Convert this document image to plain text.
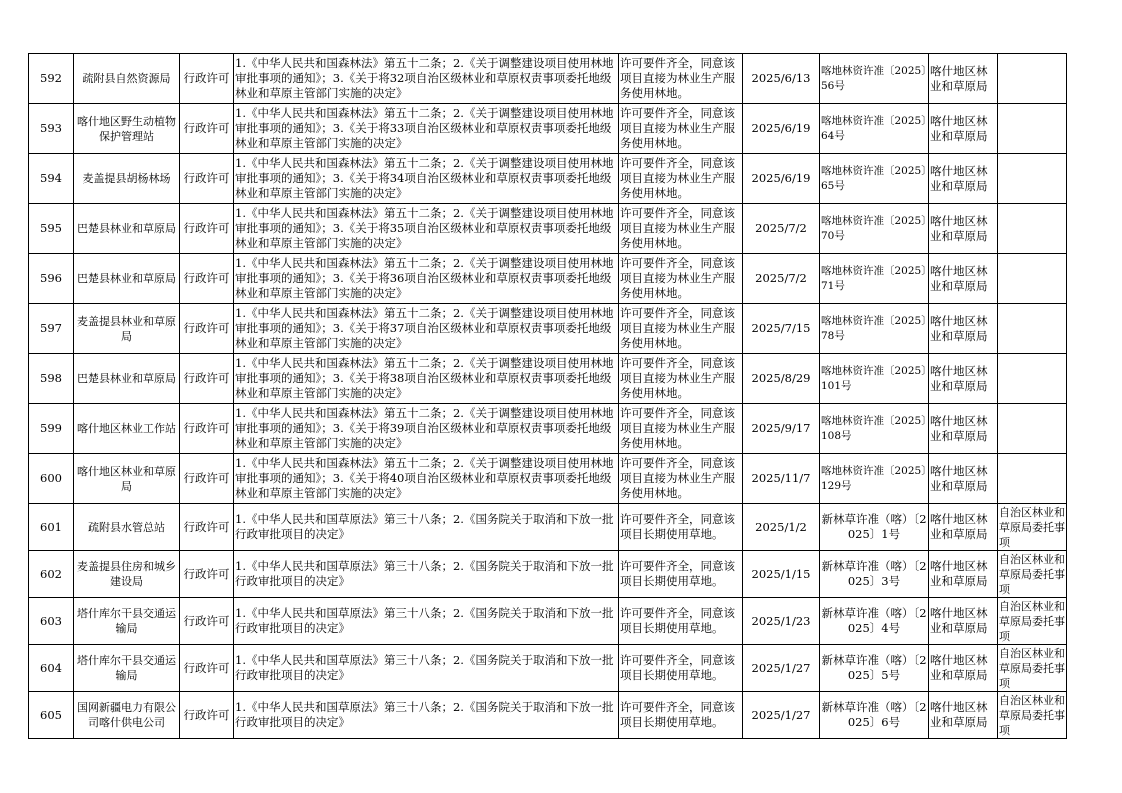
592	疏附县自然资源局	行政许可	1.《中华人民共和国森林法》第五十二条；2.《关于调整建设项目使用林地审批事项的通知》；3.《关于将32项自治区级林业和草原权责事项委托地级林业和草原主管部门实施的决定》	许可要件齐全，同意该项目直接为林业生产服务使用林地。	2025/6/13	喀地林资许准〔2025〕56号	喀什地区林业和草原局	
593	喀什地区野生动植物保护管理站	行政许可	1.《中华人民共和国森林法》第五十二条；2.《关于调整建设项目使用林地审批事项的通知》；3.《关于将33项自治区级林业和草原权责事项委托地级林业和草原主管部门实施的决定》	许可要件齐全，同意该项目直接为林业生产服务使用林地。	2025/6/19	喀地林资许准〔2025〕64号	喀什地区林业和草原局	
594	麦盖提县胡杨林场	行政许可	1.《中华人民共和国森林法》第五十二条；2.《关于调整建设项目使用林地审批事项的通知》；3.《关于将34项自治区级林业和草原权责事项委托地级林业和草原主管部门实施的决定》	许可要件齐全，同意该项目直接为林业生产服务使用林地。	2025/6/19	喀地林资许准〔2025〕65号	喀什地区林业和草原局	
595	巴楚县林业和草原局	行政许可	1.《中华人民共和国森林法》第五十二条；2.《关于调整建设项目使用林地审批事项的通知》；3.《关于将35项自治区级林业和草原权责事项委托地级林业和草原主管部门实施的决定》	许可要件齐全，同意该项目直接为林业生产服务使用林地。	2025/7/2	喀地林资许准〔2025〕70号	喀什地区林业和草原局	
596	巴楚县林业和草原局	行政许可	1.《中华人民共和国森林法》第五十二条；2.《关于调整建设项目使用林地审批事项的通知》；3.《关于将36项自治区级林业和草原权责事项委托地级林业和草原主管部门实施的决定》	许可要件齐全，同意该项目直接为林业生产服务使用林地。	2025/7/2	喀地林资许准〔2025〕71号	喀什地区林业和草原局	
597	麦盖提县林业和草原局	行政许可	1.《中华人民共和国森林法》第五十二条；2.《关于调整建设项目使用林地审批事项的通知》；3.《关于将37项自治区级林业和草原权责事项委托地级林业和草原主管部门实施的决定》	许可要件齐全，同意该项目直接为林业生产服务使用林地。	2025/7/15	喀地林资许准〔2025〕78号	喀什地区林业和草原局	
598	巴楚县林业和草原局	行政许可	1.《中华人民共和国森林法》第五十二条；2.《关于调整建设项目使用林地审批事项的通知》；3.《关于将38项自治区级林业和草原权责事项委托地级林业和草原主管部门实施的决定》	许可要件齐全，同意该项目直接为林业生产服务使用林地。	2025/8/29	喀地林资许准〔2025〕101号	喀什地区林业和草原局	
599	喀什地区林业工作站	行政许可	1.《中华人民共和国森林法》第五十二条；2.《关于调整建设项目使用林地审批事项的通知》；3.《关于将39项自治区级林业和草原权责事项委托地级林业和草原主管部门实施的决定》	许可要件齐全，同意该项目直接为林业生产服务使用林地。	2025/9/17	喀地林资许准〔2025〕108号	喀什地区林业和草原局	
600	喀什地区林业和草原局	行政许可	1.《中华人民共和国森林法》第五十二条；2.《关于调整建设项目使用林地审批事项的通知》；3.《关于将40项自治区级林业和草原权责事项委托地级林业和草原主管部门实施的决定》	许可要件齐全，同意该项目直接为林业生产服务使用林地。	2025/11/7	喀地林资许准〔2025〕129号	喀什地区林业和草原局	
601	疏附县水管总站	行政许可	1.《中华人民共和国草原法》第三十八条；2.《国务院关于取消和下放一批行政审批项目的决定》	许可要件齐全，同意该项目长期使用草地。	2025/1/2	新林草许准（喀）〔2025〕1号	喀什地区林业和草原局	自治区林业和草原局委托事项
602	麦盖提县住房和城乡建设局	行政许可	1.《中华人民共和国草原法》第三十八条；2.《国务院关于取消和下放一批行政审批项目的决定》	许可要件齐全，同意该项目长期使用草地。	2025/1/15	新林草许准（喀）〔2025〕3号	喀什地区林业和草原局	自治区林业和草原局委托事项
603	塔什库尔干县交通运输局	行政许可	1.《中华人民共和国草原法》第三十八条；2.《国务院关于取消和下放一批行政审批项目的决定》	许可要件齐全，同意该项目长期使用草地。	2025/1/23	新林草许准（喀）〔2025〕4号	喀什地区林业和草原局	自治区林业和草原局委托事项
604	塔什库尔干县交通运输局	行政许可	1.《中华人民共和国草原法》第三十八条；2.《国务院关于取消和下放一批行政审批项目的决定》	许可要件齐全，同意该项目长期使用草地。	2025/1/27	新林草许准（喀）〔2025〕5号	喀什地区林业和草原局	自治区林业和草原局委托事项
605	国网新疆电力有限公司喀什供电公司	行政许可	1.《中华人民共和国草原法》第三十八条；2.《国务院关于取消和下放一批行政审批项目的决定》	许可要件齐全，同意该项目长期使用草地。	2025/1/27	新林草许准（喀）〔2025〕6号	喀什地区林业和草原局	自治区林业和草原局委托事项
